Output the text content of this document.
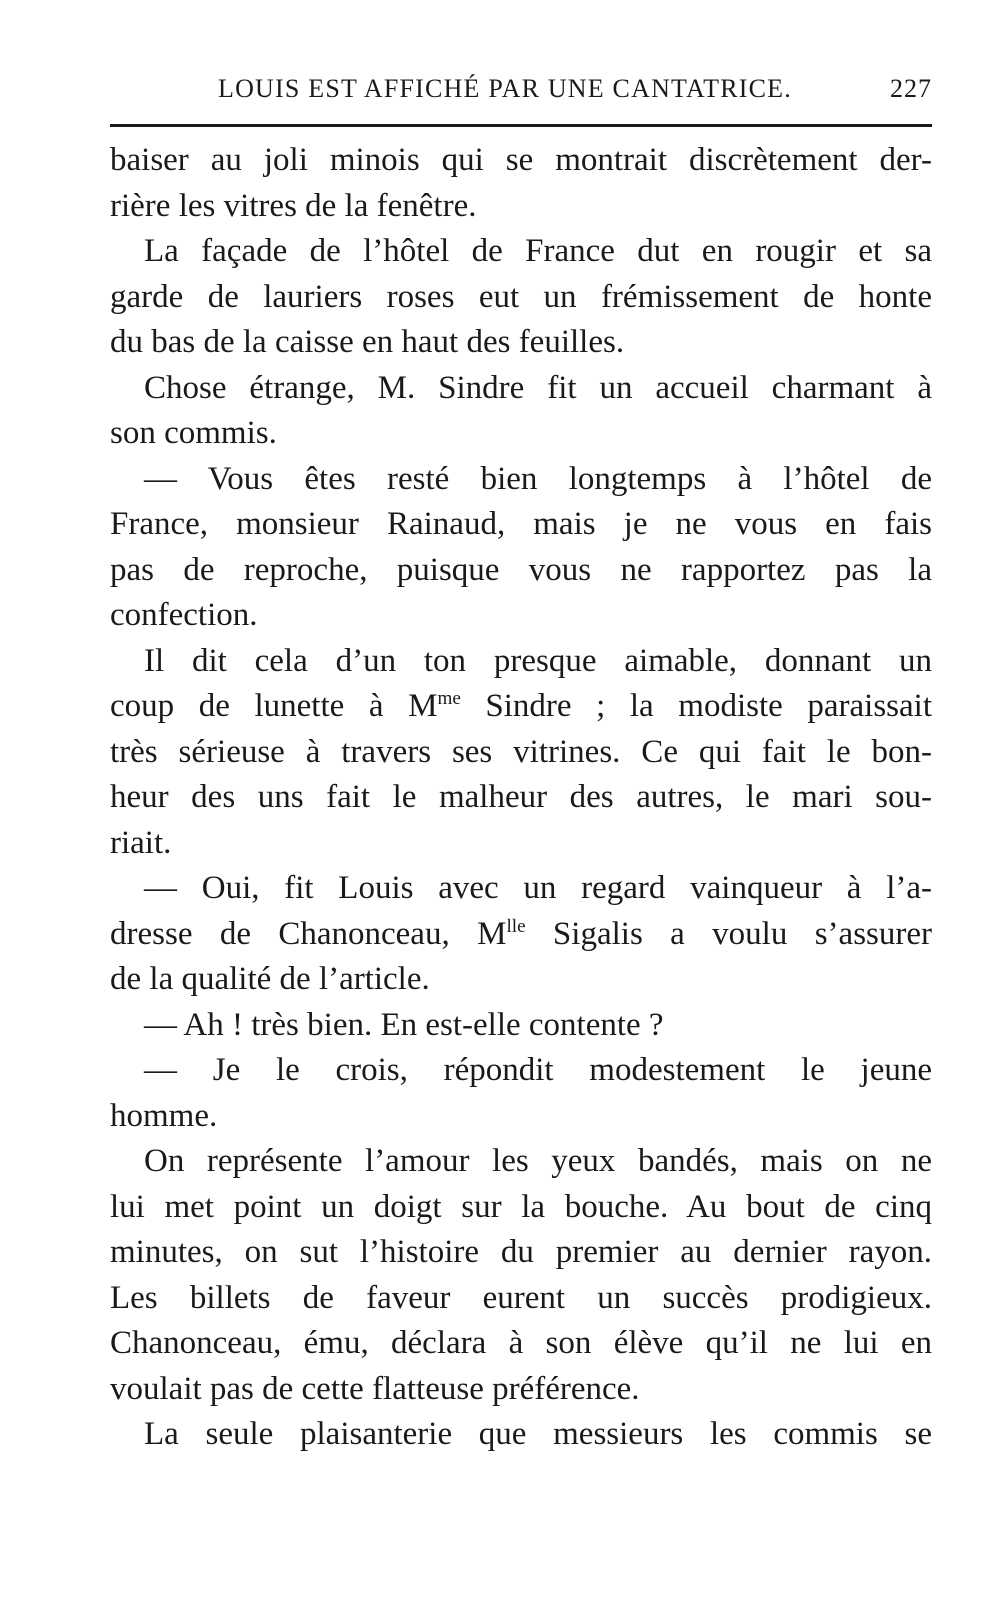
LOUIS EST AFFICHÉ PAR UNE CANTATRICE.	227
baiser au joli minois qui se montrait discrètement der-
rière les vitres de la fenêtre.
La façade de l’hôtel de France dut en rougir et sa
garde de lauriers roses eut un frémissement de honte
du bas de la caisse en haut des feuilles.
Chose étrange, M. Sindre fit un accueil charmant à
son commis.
— Vous êtes resté bien longtemps à l’hôtel de
France, monsieur Rainaud, mais je ne vous en fais
pas de reproche, puisque vous ne rapportez pas la
confection.
Il dit cela d’un ton presque aimable, donnant un
coup de lunette à $M^{me}$ Sindre ; la modiste paraissait
très sérieuse à travers ses vitrines. Ce qui fait le bon-
heur des uns fait le malheur des autres, le mari sou-
riait.
— Oui, fit Louis avec un regard vainqueur à l’a-
dresse de Chanonceau, $M^{lle}$ Sigalis a voulu s’assurer
de la qualité de l’article.
— Ah ! très bien. En est-elle contente ?
— Je le crois, répondit modestement le jeune
homme.
On représente l’amour les yeux bandés, mais on ne
lui met point un doigt sur la bouche. Au bout de cinq
minutes, on sut l’histoire du premier au dernier rayon.
Les billets de faveur eurent un succès prodigieux.
Chanonceau, ému, déclara à son élève qu’il ne lui en
voulait pas de cette flatteuse préférence.
La seule plaisanterie que messieurs les commis se
